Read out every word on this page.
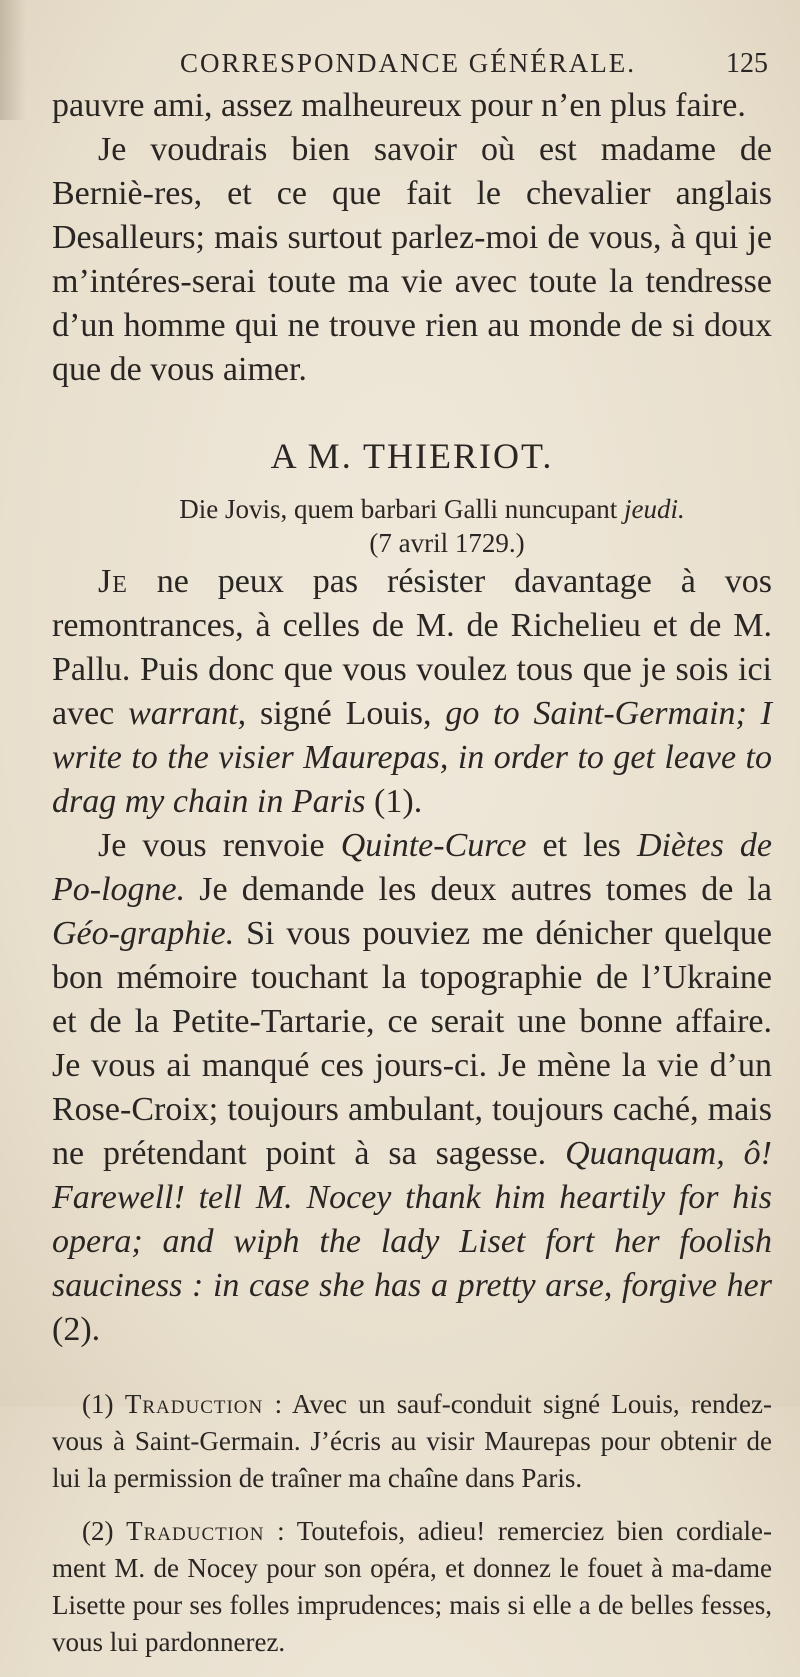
CORRESPONDANCE GÉNÉRALE.	125

pauvre ami, assez malheureux pour n’en plus faire.

Je voudrais bien savoir où est madame de Berniè-res, et ce que fait le chevalier anglais Desalleurs; mais surtout parlez-moi de vous, à qui je m’intéres-serai toute ma vie avec toute la tendresse d’un homme qui ne trouve rien au monde de si doux que de vous aimer.

A M. THIERIOT.
Die Jovis, quem barbari Galli nuncupant jeudi.
(7 avril 1729.)

Je ne peux pas résister davantage à vos remontrances, à celles de M. de Richelieu et de M. Pallu. Puis donc que vous voulez tous que je sois ici avec warrant, signé Louis, go to Saint-Germain; I write to the visier Maurepas, in order to get leave to drag my chain in Paris (1).

Je vous renvoie Quinte-Curce et les Diètes de Po-logne. Je demande les deux autres tomes de la Géo-graphie. Si vous pouviez me dénicher quelque bon mémoire touchant la topographie de l’Ukraine et de la Petite-Tartarie, ce serait une bonne affaire. Je vous ai manqué ces jours-ci. Je mène la vie d’un Rose-Croix; toujours ambulant, toujours caché, mais ne prétendant point à sa sagesse. Quanquam, ô! Farewell! tell M. Nocey thank him heartily for his opera; and wiph the lady Liset fort her foolish sauciness : in case she has a pretty arse, forgive her (2).

(1) Traduction : Avec un sauf-conduit signé Louis, rendez-vous à Saint-Germain. J’écris au visir Maurepas pour obtenir de lui la permission de traîner ma chaîne dans Paris.

(2) Traduction : Toutefois, adieu! remerciez bien cordiale-ment M. de Nocey pour son opéra, et donnez le fouet à ma-dame Lisette pour ses folles imprudences; mais si elle a de belles fesses, vous lui pardonnerez.
